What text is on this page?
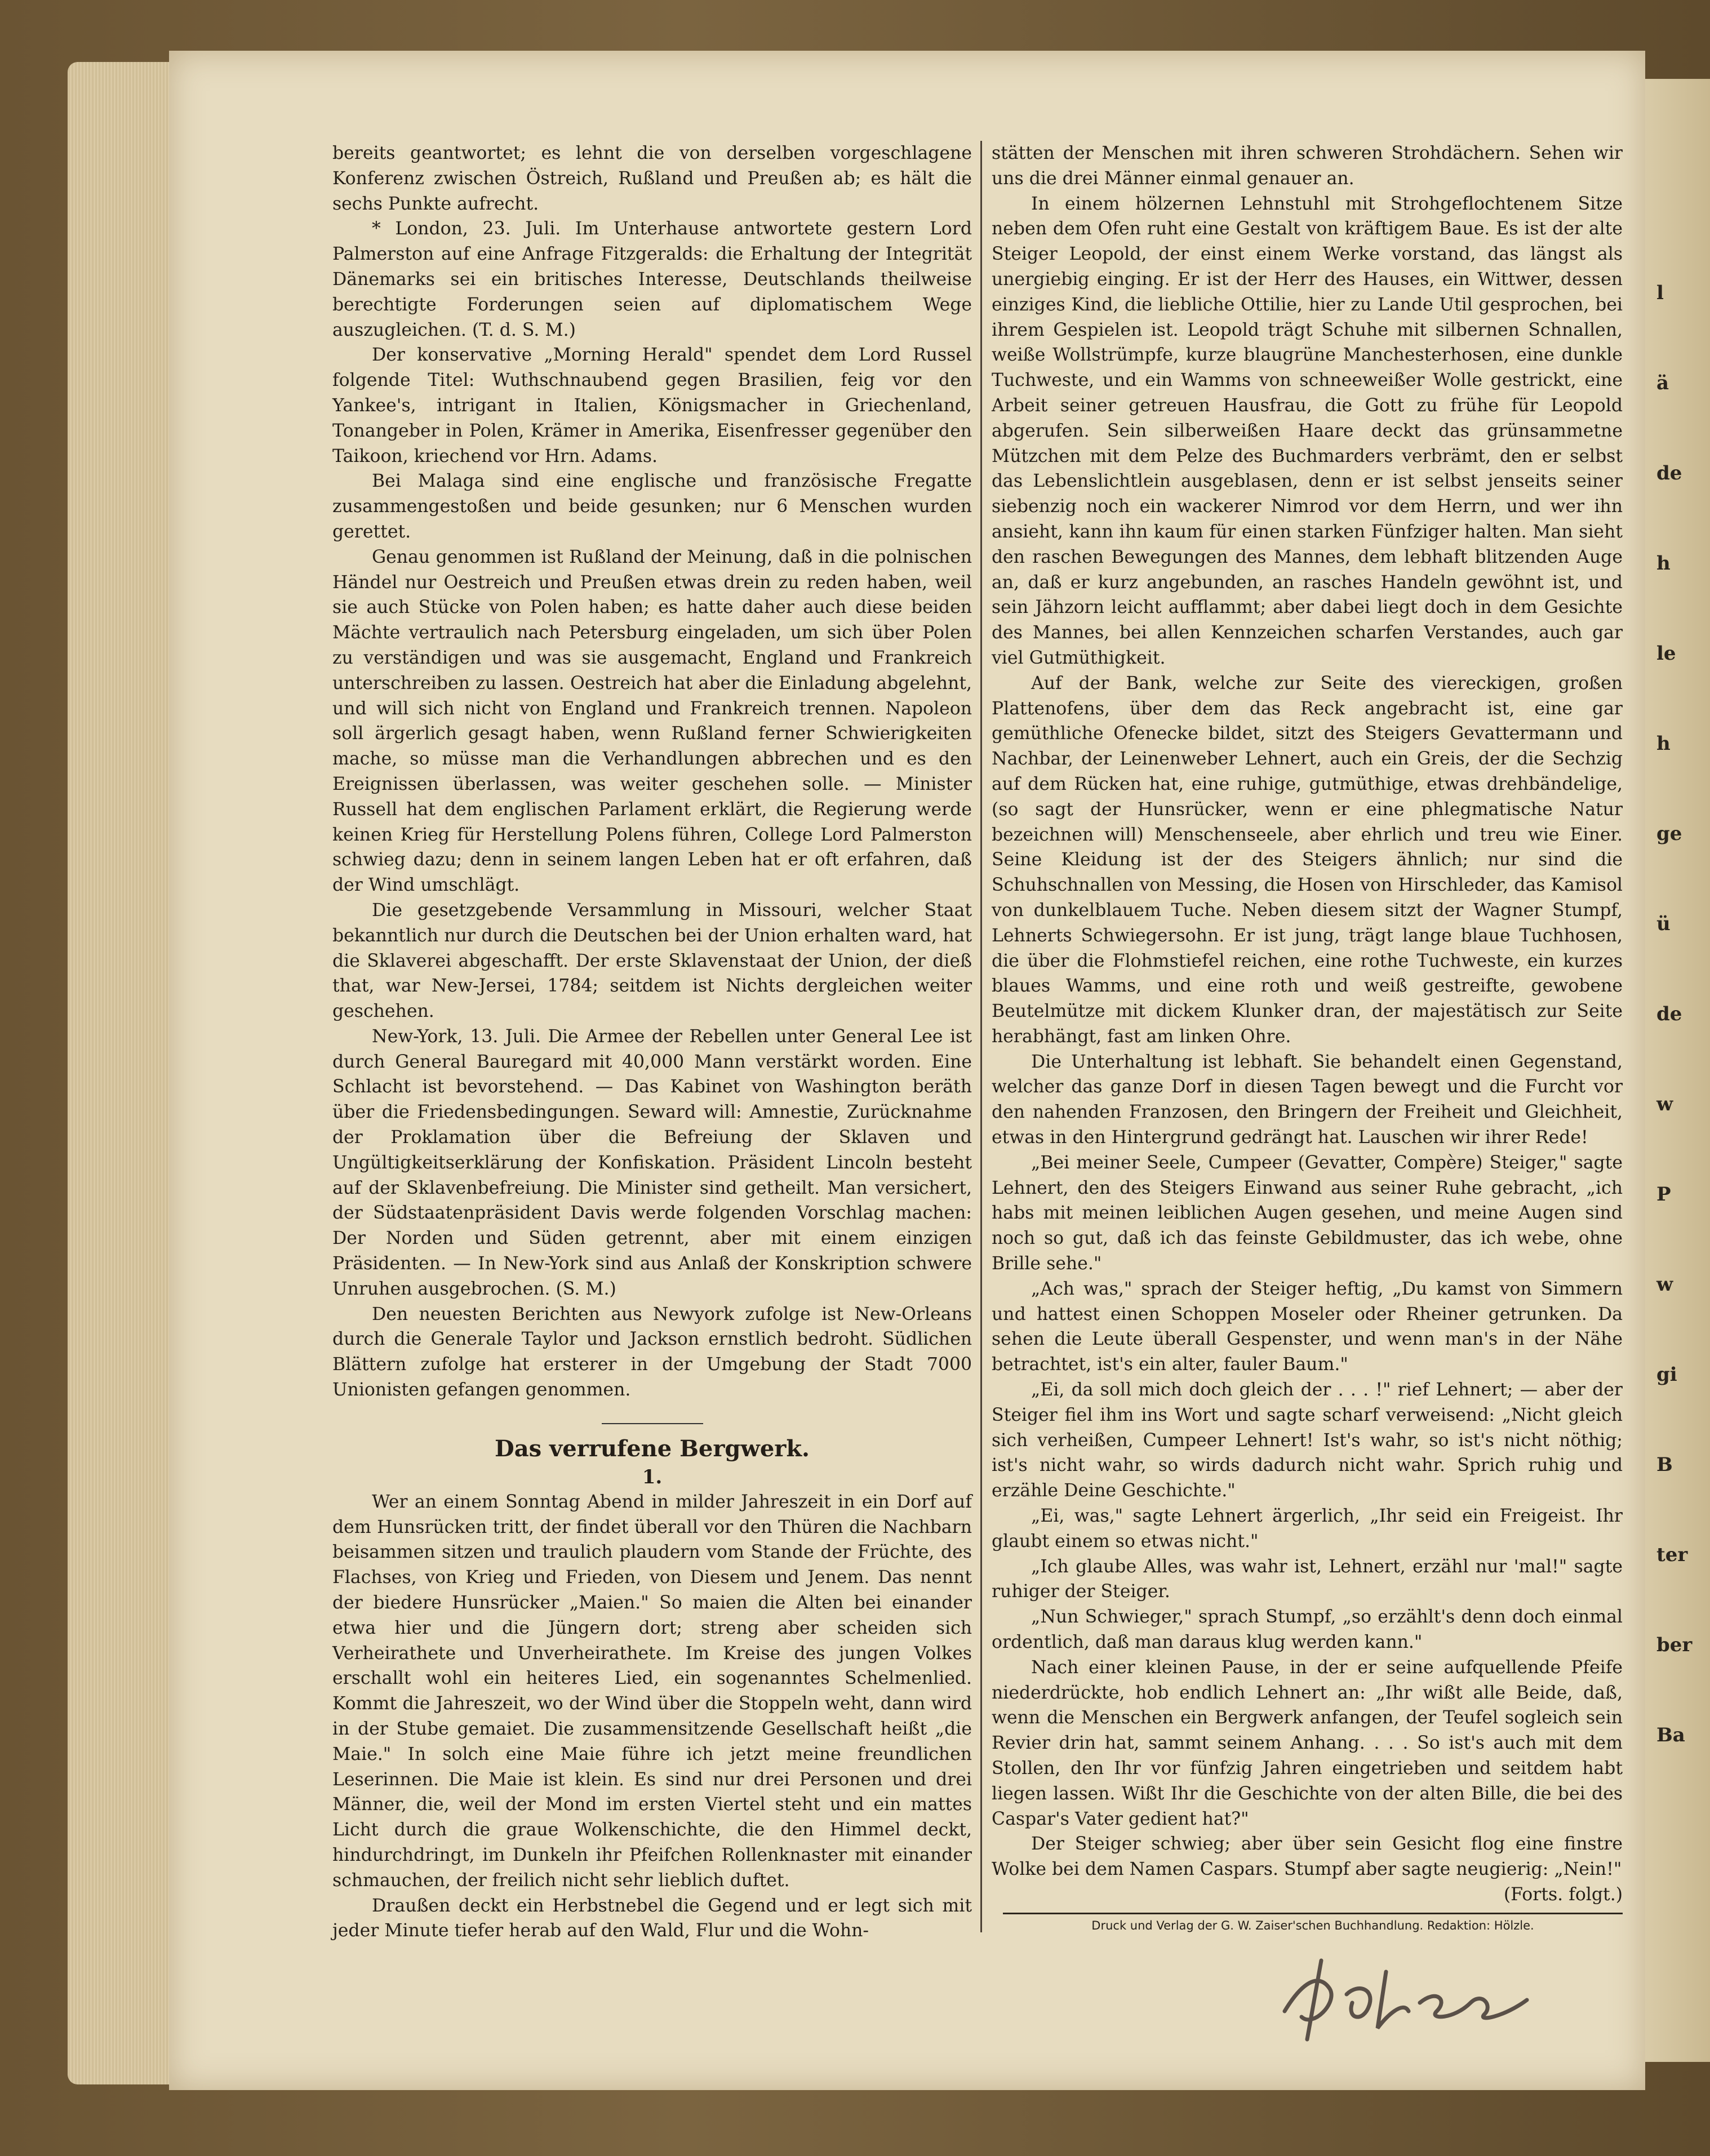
l
ä
de
h
le
h
ge
ü
de
w
P
w
gi
B
ter
ber
Ba

bereits geantwortet; es lehnt die von derselben vorgeschlagene Konferenz zwischen Östreich, Rußland und Preußen ab; es hält die sechs Punkte aufrecht.

* London, 23. Juli. Im Unterhause antwortete gestern Lord Palmerston auf eine Anfrage Fitzgeralds: die Erhaltung der Integrität Dänemarks sei ein britisches Interesse, Deutschlands theilweise berechtigte Forderungen seien auf diplomatischem Wege auszugleichen. (T. d. S. M.)

Der konservative „Morning Herald" spendet dem Lord Russel folgende Titel: Wuthschnaubend gegen Brasilien, feig vor den Yankee's, intrigant in Italien, Königsmacher in Griechenland, Tonangeber in Polen, Krämer in Amerika, Eisenfresser gegenüber den Taikoon, kriechend vor Hrn. Adams.

Bei Malaga sind eine englische und französische Fregatte zusammengestoßen und beide gesunken; nur 6 Menschen wurden gerettet.

Genau genommen ist Rußland der Meinung, daß in die polnischen Händel nur Oestreich und Preußen etwas drein zu reden haben, weil sie auch Stücke von Polen haben; es hatte daher auch diese beiden Mächte vertraulich nach Petersburg eingeladen, um sich über Polen zu verständigen und was sie ausgemacht, England und Frankreich unterschreiben zu lassen. Oestreich hat aber die Einladung abgelehnt, und will sich nicht von England und Frankreich trennen. Napoleon soll ärgerlich gesagt haben, wenn Rußland ferner Schwierigkeiten mache, so müsse man die Verhandlungen abbrechen und es den Ereignissen überlassen, was weiter geschehen solle. — Minister Russell hat dem englischen Parlament erklärt, die Regierung werde keinen Krieg für Herstellung Polens führen, College Lord Palmerston schwieg dazu; denn in seinem langen Leben hat er oft erfahren, daß der Wind umschlägt.

Die gesetzgebende Versammlung in Missouri, welcher Staat bekanntlich nur durch die Deutschen bei der Union erhalten ward, hat die Sklaverei abgeschafft. Der erste Sklavenstaat der Union, der dieß that, war New-Jersei, 1784; seitdem ist Nichts dergleichen weiter geschehen.

New-York, 13. Juli. Die Armee der Rebellen unter General Lee ist durch General Bauregard mit 40,000 Mann verstärkt worden. Eine Schlacht ist bevorstehend. — Das Kabinet von Washington beräth über die Friedensbedingungen. Seward will: Amnestie, Zurücknahme der Proklamation über die Befreiung der Sklaven und Ungültigkeitserklärung der Konfiskation. Präsident Lincoln besteht auf der Sklavenbefreiung. Die Minister sind getheilt. Man versichert, der Südstaatenpräsident Davis werde folgenden Vorschlag machen: Der Norden und Süden getrennt, aber mit einem einzigen Präsidenten. — In New-York sind aus Anlaß der Konskription schwere Unruhen ausgebrochen. (S. M.)

Den neuesten Berichten aus Newyork zufolge ist New-Orleans durch die Generale Taylor und Jackson ernstlich bedroht. Südlichen Blättern zufolge hat ersterer in der Umgebung der Stadt 7000 Unionisten gefangen genommen.

Das verrufene Bergwerk.
1.

Wer an einem Sonntag Abend in milder Jahreszeit in ein Dorf auf dem Hunsrücken tritt, der findet überall vor den Thüren die Nachbarn beisammen sitzen und traulich plaudern vom Stande der Früchte, des Flachses, von Krieg und Frieden, von Diesem und Jenem. Das nennt der biedere Hunsrücker „Maien." So maien die Alten bei einander etwa hier und die Jüngern dort; streng aber scheiden sich Verheirathete und Unverheirathete. Im Kreise des jungen Volkes erschallt wohl ein heiteres Lied, ein sogenanntes Schelmenlied. Kommt die Jahreszeit, wo der Wind über die Stoppeln weht, dann wird in der Stube gemaiet. Die zusammensitzende Gesellschaft heißt „die Maie." In solch eine Maie führe ich jetzt meine freundlichen Leserinnen. Die Maie ist klein. Es sind nur drei Personen und drei Männer, die, weil der Mond im ersten Viertel steht und ein mattes Licht durch die graue Wolkenschichte, die den Himmel deckt, hindurchdringt, im Dunkeln ihr Pfeifchen Rollenknaster mit einander schmauchen, der freilich nicht sehr lieblich duftet.

Draußen deckt ein Herbstnebel die Gegend und er legt sich mit jeder Minute tiefer herab auf den Wald, Flur und die Wohn-

stätten der Menschen mit ihren schweren Strohdächern. Sehen wir uns die drei Männer einmal genauer an.

In einem hölzernen Lehnstuhl mit Strohgeflochtenem Sitze neben dem Ofen ruht eine Gestalt von kräftigem Baue. Es ist der alte Steiger Leopold, der einst einem Werke vorstand, das längst als unergiebig einging. Er ist der Herr des Hauses, ein Wittwer, dessen einziges Kind, die liebliche Ottilie, hier zu Lande Util gesprochen, bei ihrem Gespielen ist. Leopold trägt Schuhe mit silbernen Schnallen, weiße Wollstrümpfe, kurze blaugrüne Manchesterhosen, eine dunkle Tuchweste, und ein Wamms von schneeweißer Wolle gestrickt, eine Arbeit seiner getreuen Hausfrau, die Gott zu frühe für Leopold abgerufen. Sein silberweißen Haare deckt das grünsammetne Mützchen mit dem Pelze des Buchmarders verbrämt, den er selbst das Lebenslichtlein ausgeblasen, denn er ist selbst jenseits seiner siebenzig noch ein wackerer Nimrod vor dem Herrn, und wer ihn ansieht, kann ihn kaum für einen starken Fünfziger halten. Man sieht den raschen Bewegungen des Mannes, dem lebhaft blitzenden Auge an, daß er kurz angebunden, an rasches Handeln gewöhnt ist, und sein Jähzorn leicht aufflammt; aber dabei liegt doch in dem Gesichte des Mannes, bei allen Kennzeichen scharfen Verstandes, auch gar viel Gutmüthigkeit.

Auf der Bank, welche zur Seite des viereckigen, großen Plattenofens, über dem das Reck angebracht ist, eine gar gemüthliche Ofenecke bildet, sitzt des Steigers Gevattermann und Nachbar, der Leinenweber Lehnert, auch ein Greis, der die Sechzig auf dem Rücken hat, eine ruhige, gutmüthige, etwas drehbändelige, (so sagt der Hunsrücker, wenn er eine phlegmatische Natur bezeichnen will) Menschenseele, aber ehrlich und treu wie Einer. Seine Kleidung ist der des Steigers ähnlich; nur sind die Schuhschnallen von Messing, die Hosen von Hirschleder, das Kamisol von dunkelblauem Tuche. Neben diesem sitzt der Wagner Stumpf, Lehnerts Schwiegersohn. Er ist jung, trägt lange blaue Tuchhosen, die über die Flohmstiefel reichen, eine rothe Tuchweste, ein kurzes blaues Wamms, und eine roth und weiß gestreifte, gewobene Beutelmütze mit dickem Klunker dran, der majestätisch zur Seite herabhängt, fast am linken Ohre.

Die Unterhaltung ist lebhaft. Sie behandelt einen Gegenstand, welcher das ganze Dorf in diesen Tagen bewegt und die Furcht vor den nahenden Franzosen, den Bringern der Freiheit und Gleichheit, etwas in den Hintergrund gedrängt hat. Lauschen wir ihrer Rede!

„Bei meiner Seele, Cumpeer (Gevatter, Compère) Steiger," sagte Lehnert, den des Steigers Einwand aus seiner Ruhe gebracht, „ich habs mit meinen leiblichen Augen gesehen, und meine Augen sind noch so gut, daß ich das feinste Gebildmuster, das ich webe, ohne Brille sehe."

„Ach was," sprach der Steiger heftig, „Du kamst von Simmern und hattest einen Schoppen Moseler oder Rheiner getrunken. Da sehen die Leute überall Gespenster, und wenn man's in der Nähe betrachtet, ist's ein alter, fauler Baum."

„Ei, da soll mich doch gleich der . . . !" rief Lehnert; — aber der Steiger fiel ihm ins Wort und sagte scharf verweisend: „Nicht gleich sich verheißen, Cumpeer Lehnert! Ist's wahr, so ist's nicht nöthig; ist's nicht wahr, so wirds dadurch nicht wahr. Sprich ruhig und erzähle Deine Geschichte."

„Ei, was," sagte Lehnert ärgerlich, „Ihr seid ein Freigeist. Ihr glaubt einem so etwas nicht."

„Ich glaube Alles, was wahr ist, Lehnert, erzähl nur 'mal!" sagte ruhiger der Steiger.

„Nun Schwieger," sprach Stumpf, „so erzählt's denn doch einmal ordentlich, daß man daraus klug werden kann."

Nach einer kleinen Pause, in der er seine aufquellende Pfeife niederdrückte, hob endlich Lehnert an: „Ihr wißt alle Beide, daß, wenn die Menschen ein Bergwerk anfangen, der Teufel sogleich sein Revier drin hat, sammt seinem Anhang. . . . So ist's auch mit dem Stollen, den Ihr vor fünfzig Jahren eingetrieben und seitdem habt liegen lassen. Wißt Ihr die Geschichte von der alten Bille, die bei des Caspar's Vater gedient hat?"

Der Steiger schwieg; aber über sein Gesicht flog eine finstre Wolke bei dem Namen Caspars. Stumpf aber sagte neugierig: „Nein!"

(Forts. folgt.)

Druck und Verlag der G. W. Zaiser'schen Buchhandlung. Redaktion: Hölzle.
